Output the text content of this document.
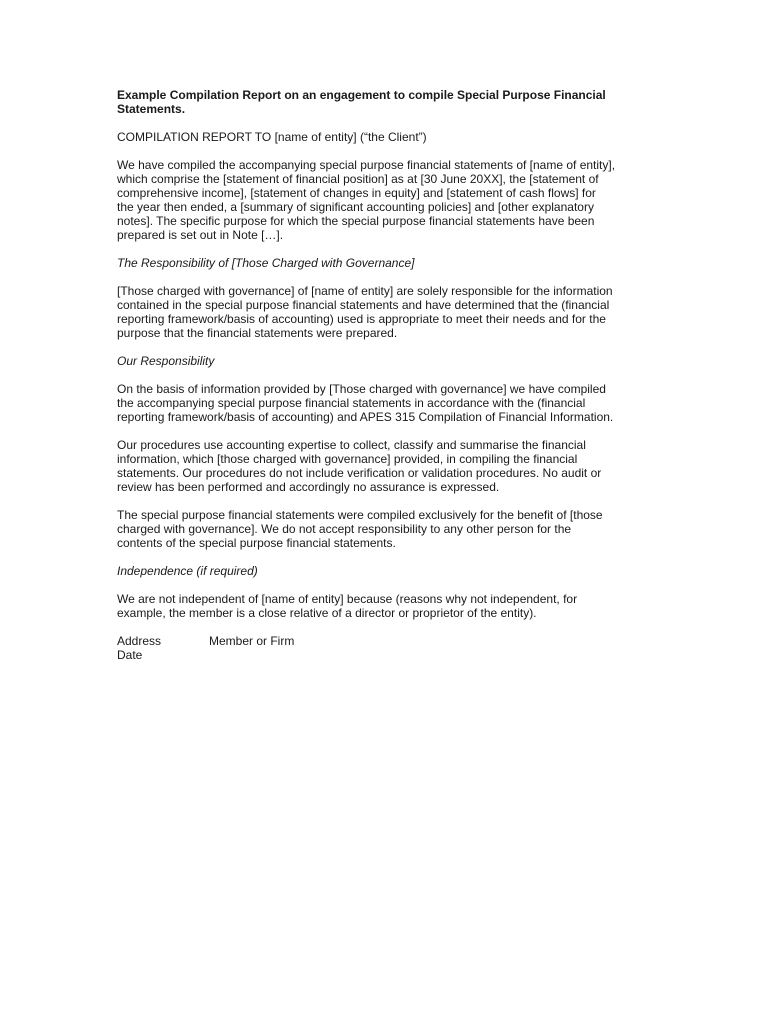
Example Compilation Report on an engagement to compile Special Purpose Financial
Statements.

COMPILATION REPORT TO [name of entity] (“the Client”)

We have compiled the accompanying special purpose financial statements of [name of entity],
which comprise the [statement of financial position] as at [30 June 20XX], the [statement of
comprehensive income], [statement of changes in equity] and [statement of cash flows] for
the year then ended, a [summary of significant accounting policies] and [other explanatory
notes]. The specific purpose for which the special purpose financial statements have been
prepared is set out in Note […].

The Responsibility of [Those Charged with Governance]

[Those charged with governance] of [name of entity] are solely responsible for the information
contained in the special purpose financial statements and have determined that the (financial
reporting framework/basis of accounting) used is appropriate to meet their needs and for the
purpose that the financial statements were prepared.

Our Responsibility

On the basis of information provided by [Those charged with governance] we have compiled
the accompanying special purpose financial statements in accordance with the (financial
reporting framework/basis of accounting) and APES 315 Compilation of Financial Information.

Our procedures use accounting expertise to collect, classify and summarise the financial
information, which [those charged with governance] provided, in compiling the financial
statements. Our procedures do not include verification or validation procedures. No audit or
review has been performed and accordingly no assurance is expressed.

The special purpose financial statements were compiled exclusively for the benefit of [those
charged with governance]. We do not accept responsibility to any other person for the
contents of the special purpose financial statements.

Independence (if required)

We are not independent of [name of entity] because (reasons why not independent, for
example, the member is a close relative of a director or proprietor of the entity).

Address	Member or Firm
Date
